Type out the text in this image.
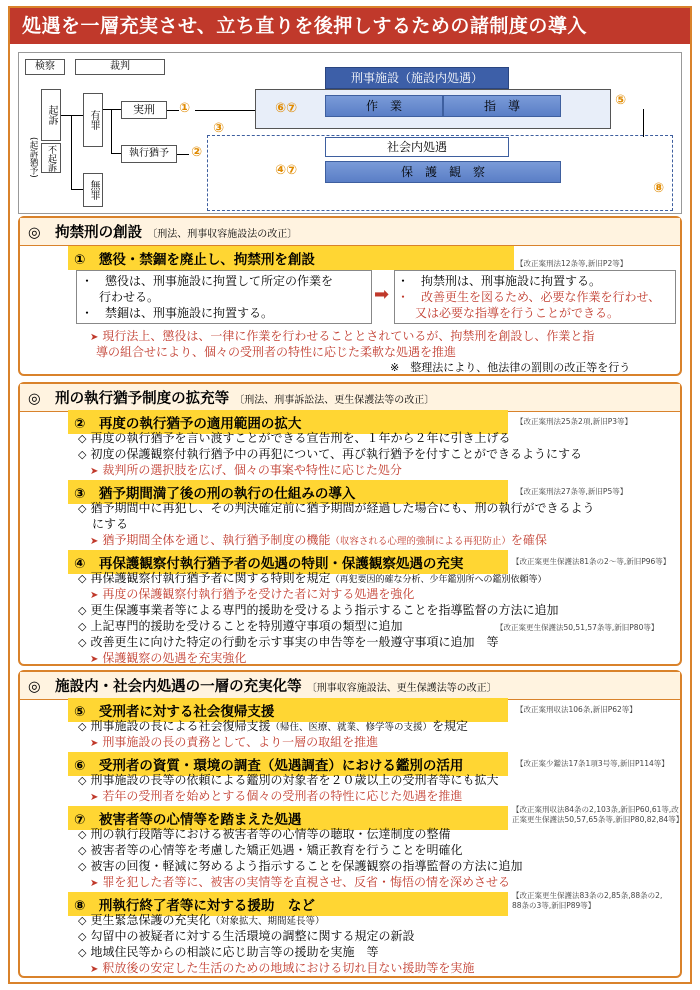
処遇を一層充実させ、立ち直りを後押しするための諸制度の導入
検察	裁判
起訴
不起訴
(起訴猶予)
有罪
無罪
実刑
執行猶予
①
②
③
刑事施設（施設内処遇）
⑥⑦	作　業	指　導	⑤
社会内処遇
④⑦	保　護　観　察
⑧
◎　拘禁刑の創設 〔刑法、刑事収容施設法の改正〕
①　懲役・禁錮を廃止し、拘禁刑を創設	【改正案刑法12条等,新旧P2等】
・　懲役は、刑事施設に拘置して所定の作業を
行わせる。
・　禁錮は、刑事施設に拘置する。
➡
・　拘禁刑は、刑事施設に拘置する。
・　改善更生を図るため、必要な作業を行わせ、
又は必要な指導を行うことができる。
➤ 現行法上、懲役は、一律に作業を行わせることとされているが、拘禁刑を創設し、作業と指
導の組合せにより、個々の受刑者の特性に応じた柔軟な処遇を推進
※　整理法により、他法律の罰則の改正等を行う
◎　刑の執行猶予制度の拡充等 〔刑法、刑事訴訟法、更生保護法等の改正〕
②　再度の執行猶予の適用範囲の拡大	【改正案刑法25条2項,新旧P3等】
◇ 再度の執行猶予を言い渡すことができる宣告刑を、１年から２年に引き上げる
◇ 初度の保護観察付執行猶予中の再犯について、再び執行猶予を付すことができるようにする
➤ 裁判所の選択肢を広げ、個々の事案や特性に応じた処分
③　猶予期間満了後の刑の執行の仕組みの導入	【改正案刑法27条等,新旧P5等】
◇ 猶予期間中に再犯し、その判決確定前に猶予期間が経過した場合にも、刑の執行ができるよう
にする
➤ 猶予期間全体を通じ、執行猶予制度の機能（収容される心理的強制による再犯防止）を確保
④　再保護観察付執行猶予者の処遇の特則・保護観察処遇の充実	【改正案更生保護法81条の2〜等,新旧P96等】
◇ 再保護観察付執行猶予者に関する特則を規定（再犯要因的確な分析、少年鑑別所への鑑別依頼等）
➤ 再度の保護観察付執行猶予を受けた者に対する処遇を強化
◇ 更生保護事業者等による専門的援助を受けるよう指示することを指導監督の方法に追加
◇ 上記専門的援助を受けることを特別遵守事項の類型に追加	【改正案更生保護法50,51,57条等,新旧P80等】
◇ 改善更生に向けた特定の行動を示す事実の申告等を一般遵守事項に追加　等
➤ 保護観察の処遇を充実強化
◎　施設内・社会内処遇の一層の充実化等 〔刑事収容施設法、更生保護法等の改正〕
⑤　受刑者に対する社会復帰支援	【改正案刑収法106条,新旧P62等】
◇ 刑事施設の長による社会復帰支援（帰住、医療、就業、修学等の支援）を規定
➤ 刑事施設の長の責務として、より一層の取組を推進
⑥　受刑者の資質・環境の調査（処遇調査）における鑑別の活用	【改正案少鑑法17条1項3号等,新旧P114等】
◇ 刑事施設の長等の依頼による鑑別の対象者を２０歳以上の受刑者等にも拡大
➤ 若年の受刑者を始めとする個々の受刑者の特性に応じた処遇を推進
⑦　被害者等の心情等を踏まえた処遇
【改正案刑収法84条の2,103条,新旧P60,61等,改
正案更生保護法50,57,65条等,新旧P80,82,84等】
◇ 刑の執行段階等における被害者等の心情等の聴取・伝達制度の整備
◇ 被害者等の心情等を考慮した矯正処遇・矯正教育を行うことを明確化
◇ 被害の回復・軽減に努めるよう指示することを保護観察の指導監督の方法に追加
➤ 罪を犯した者等に、被害の実情等を直視させ、反省・悔悟の情を深めさせる
⑧　刑執行終了者等に対する援助　など
【改正案更生保護法83条の2,85条,88条の2,
88条の3等,新旧P89等】
◇ 更生緊急保護の充実化（対象拡大、期間延長等）
◇ 勾留中の被疑者に対する生活環境の調整に関する規定の新設
◇ 地域住民等からの相談に応じ助言等の援助を実施　等
➤ 釈放後の安定した生活のための地域における切れ目ない援助等を実施
